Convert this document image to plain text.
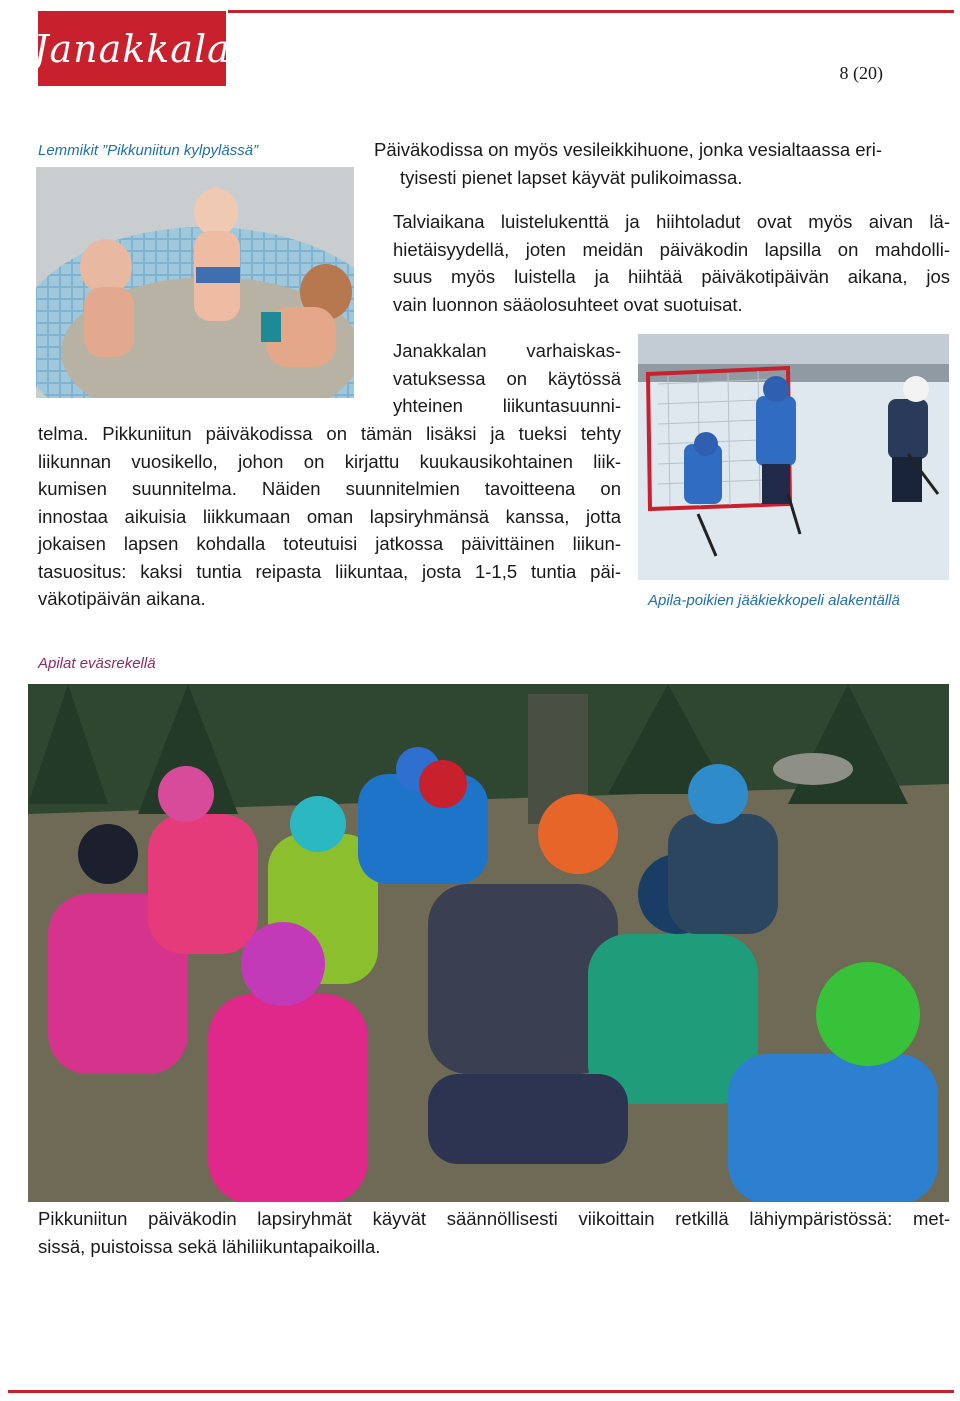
Janakkala
8 (20)
Lemmikit ”Pikkuniitun kylpylässä”	Päiväkodissa on myös vesileikkihuone, jonka vesialtaassa eri-
tyisesti pienet lapset käyvät pulikoimassa.
Talviaikana luistelukenttä ja hiihtoladut ovat myös aivan lä-
hietäisyydellä, joten meidän päiväkodin lapsilla on mahdolli-
suus myös luistella ja hiihtää päiväkotipäivän aikana, jos
vain luonnon sääolosuhteet ovat suotuisat.
Janakkalan varhaiskas-
vatuksessa on käytössä
yhteinen liikuntasuunni-
telma. Pikkuniitun päiväkodissa on tämän lisäksi ja tueksi tehty
liikunnan vuosikello, johon on kirjattu kuukausikohtainen liik-
kumisen suunnitelma. Näiden suunnitelmien tavoitteena on
innostaa aikuisia liikkumaan oman lapsiryhmänsä kanssa, jotta
jokaisen lapsen kohdalla toteutuisi jatkossa päivittäinen liikun-
tasuositus: kaksi tuntia reipasta liikuntaa, josta 1-1,5 tuntia päi-
väkotipäivän aikana.	Apila-poikien jääkiekkopeli alakentällä
Apilat eväsrekellä
Pikkuniitun päiväkodin lapsiryhmät käyvät säännöllisesti viikoittain retkillä lähiympäristössä: met-
sissä, puistoissa sekä lähiliikuntapaikoilla.
